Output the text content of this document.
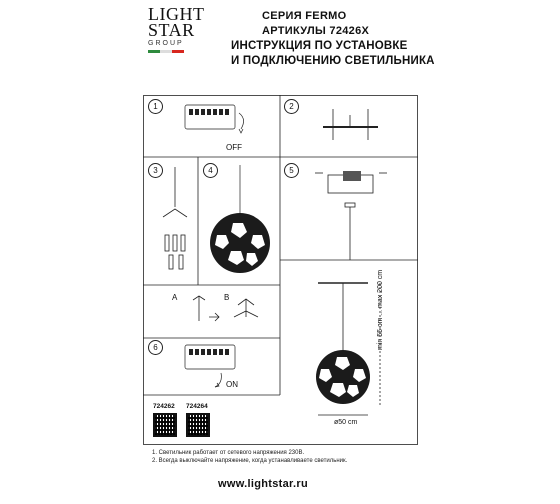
LIGHT
STAR
GROUP
СЕРИЯ FERMO
АРТИКУЛЫ 72426X
ИНСТРУКЦИЯ ПО УСТАНОВКЕ
И ПОДКЛЮЧЕНИЮ СВЕТИЛЬНИКА
1	2
3	4	5
6
OFF
ON
A	B	min 55 cm ... max 200 cm
ø50 cm
724262 724264
1. Светильник работает от сетевого напряжения 230В.
2. Всегда выключайте напряжение, когда устанавливаете светильник.
www.lightstar.ru
